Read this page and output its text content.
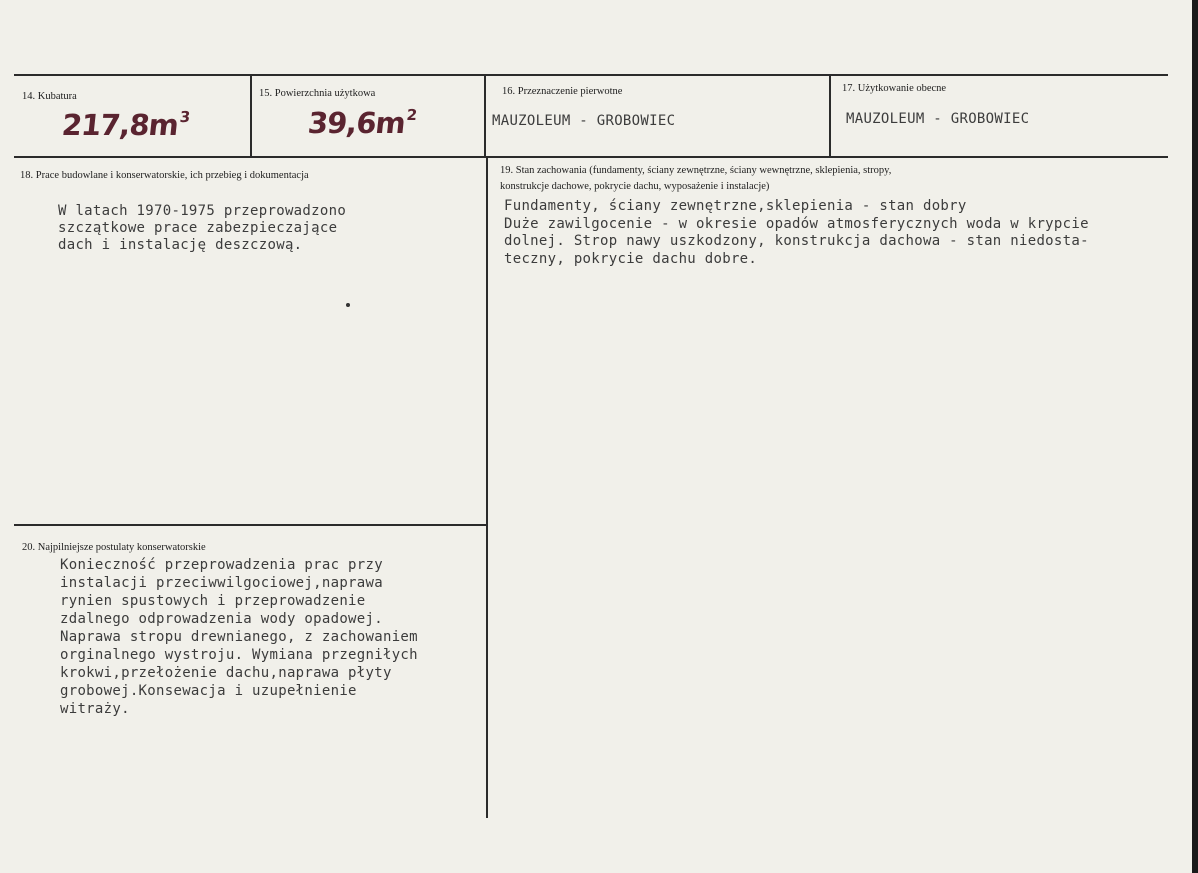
14. Kubatura
$217,8m^3$
15. Powierzchnia użytkowa
$39,6m^2$
16. Przeznaczenie pierwotne
MAUZOLEUM - GROBOWIEC
17. Użytkowanie obecne
MAUZOLEUM - GROBOWIEC
18. Prace budowlane i konserwatorskie, ich przebieg i dokumentacja
W latach 1970-1975 przeprowadzono
szczątkowe prace zabezpieczające
dach i instalację deszczową.
19. Stan zachowania (fundamenty, ściany zewnętrzne, ściany wewnętrzne, sklepienia, stropy,
konstrukcje dachowe, pokrycie dachu, wyposażenie i instalacje)
Fundamenty, ściany zewnętrzne,sklepienia - stan dobry
Duże zawilgocenie - w okresie opadów atmosferycznych woda w krypcie
dolnej. Strop nawy uszkodzony, konstrukcja dachowa - stan niedosta-
teczny, pokrycie dachu dobre.
20. Najpilniejsze postulaty konserwatorskie
Konieczność przeprowadzenia prac przy
instalacji przeciwwilgociowej,naprawa
rynien spustowych i przeprowadzenie
zdalnego odprowadzenia wody opadowej.
Naprawa stropu drewnianego, z zachowaniem
orginalnego wystroju. Wymiana przegniłych
krokwi,przełożenie dachu,naprawa płyty
grobowej.Konsewacja i uzupełnienie
witraży.
